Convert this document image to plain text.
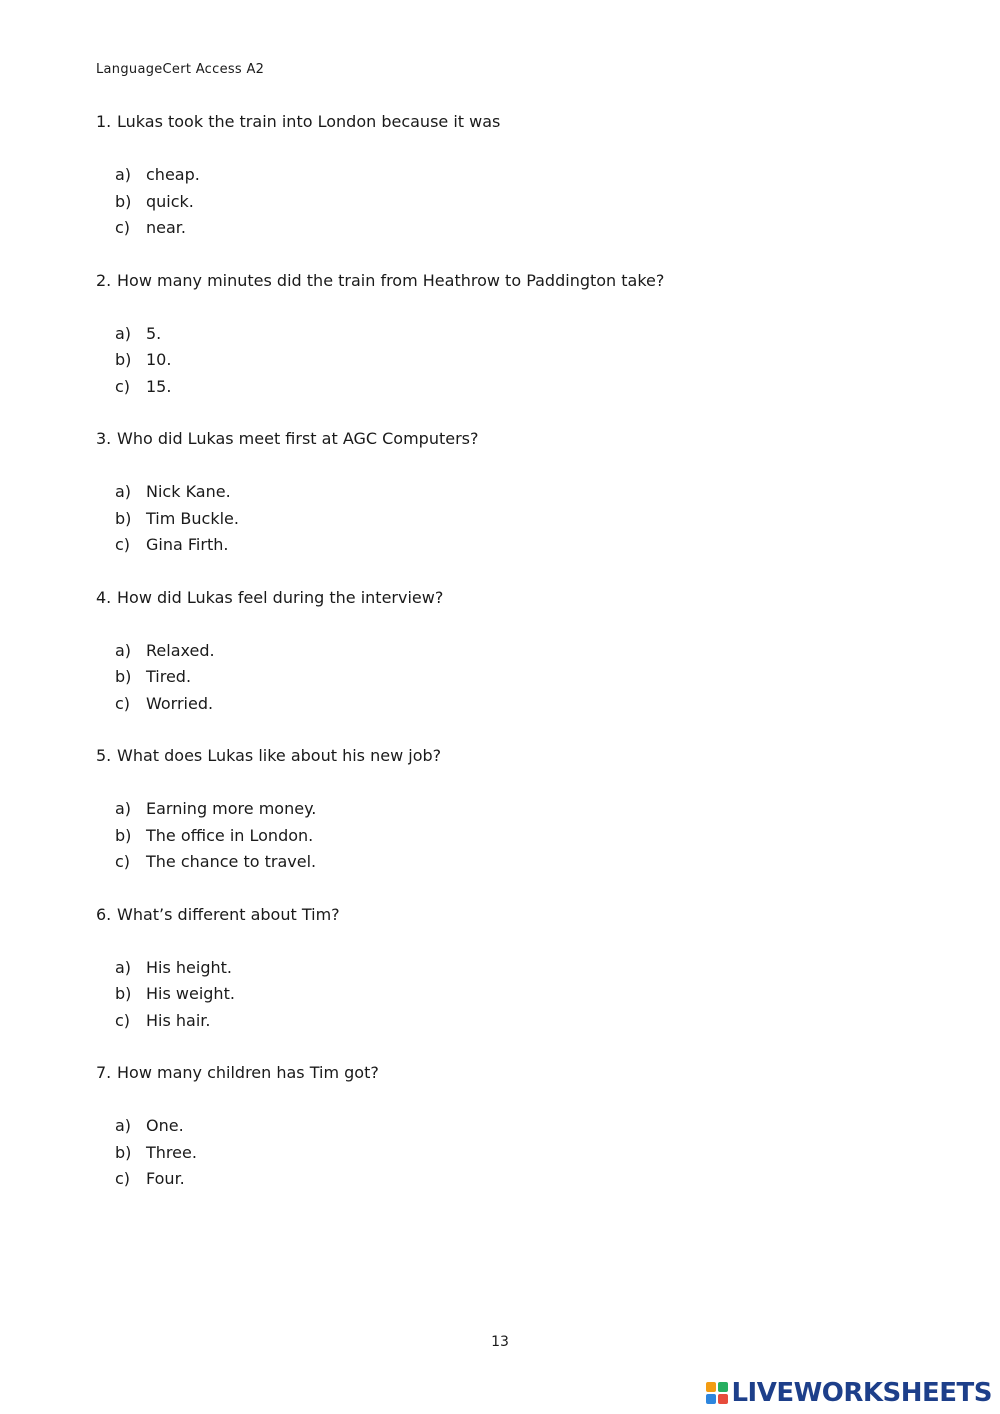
LanguageCert Access A2
1. Lukas took the train into London because it was
a) cheap.
b) quick.
c) near.
2. How many minutes did the train from Heathrow to Paddington take?
a) 5.
b) 10.
c) 15.
3. Who did Lukas meet first at AGC Computers?
a) Nick Kane.
b) Tim Buckle.
c) Gina Firth.
4. How did Lukas feel during the interview?
a) Relaxed.
b) Tired.
c) Worried.
5. What does Lukas like about his new job?
a) Earning more money.
b) The office in London.
c) The chance to travel.
6. What’s different about Tim?
a) His height.
b) His weight.
c) His hair.
7. How many children has Tim got?
a) One.
b) Three.
c) Four.
13
LIVEWORKSHEETS
